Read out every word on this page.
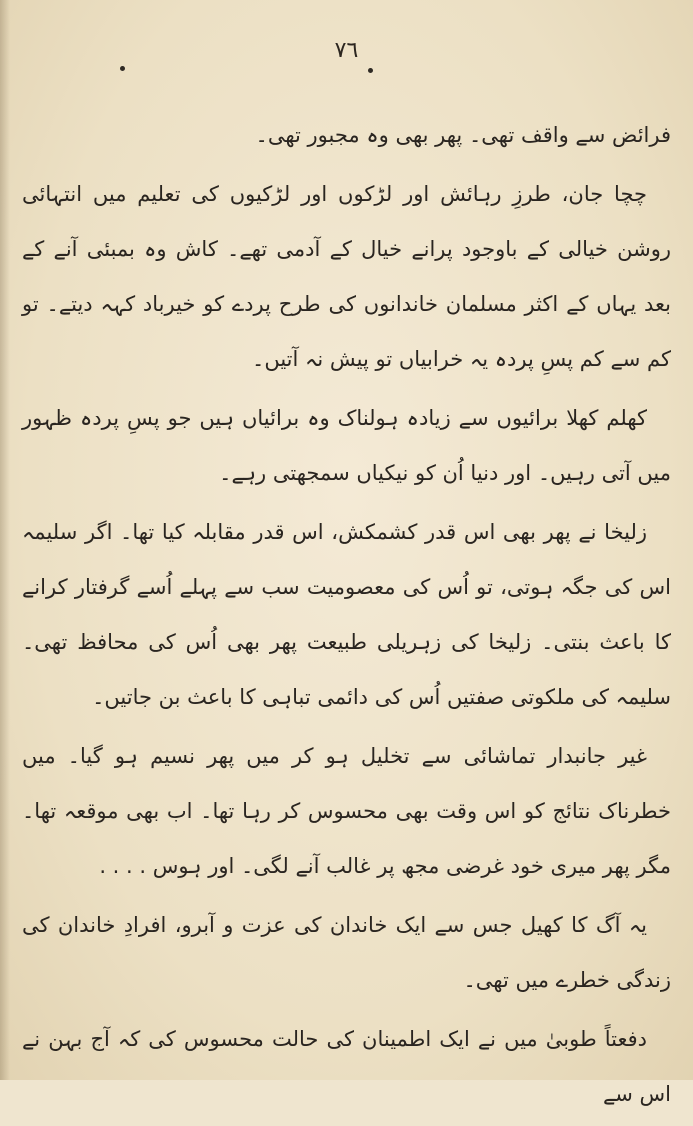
٧٦

فرائض سے واقف تھی۔ پھر بھی وہ مجبور تھی۔

چچا جان، طرزِ رہائش اور لڑکوں اور لڑکیوں کی تعلیم میں انتہائی روشن خیالی کے باوجود پرانے خیال کے آدمی تھے۔ کاش وہ بمبئی آنے کے بعد یہاں کے اکثر مسلمان خاندانوں کی طرح پردے کو خیرباد کہہ دیتے۔ تو کم سے کم پسِ پردہ یہ خرابیاں تو پیش نہ آتیں۔

کھلم کھلا برائیوں سے زیادہ ہولناک وہ برائیاں ہیں جو پسِ پردہ ظہور میں آتی رہیں۔ اور دنیا اُن کو نیکیاں سمجھتی رہے۔

زلیخا نے پھر بھی اس قدر کشمکش، اس قدر مقابلہ کیا تھا۔ اگر سلیمہ اس کی جگہ ہوتی، تو اُس کی معصومیت سب سے پہلے اُسے گرفتار کرانے کا باعث بنتی۔ زلیخا کی زہریلی طبیعت پھر بھی اُس کی محافظ تھی۔ سلیمہ کی ملکوتی صفتیں اُس کی دائمی تباہی کا باعث بن جاتیں۔

غیر جانبدار تماشائی سے تخلیل ہو کر میں پھر نسیم ہو گیا۔ میں خطرناک نتائج کو اس وقت بھی محسوس کر رہا تھا۔ اب بھی موقعہ تھا۔ مگر پھر میری خود غرضی مجھ پر غالب آنے لگی۔ اور ہوس . . . .

یہ آگ کا کھیل جس سے ایک خاندان کی عزت و آبرو، افرادِ خاندان کی زندگی خطرے میں تھی۔

دفعتاً طوبیٰ میں نے ایک اطمینان کی حالت محسوس کی کہ آج بہن نے اس سے
